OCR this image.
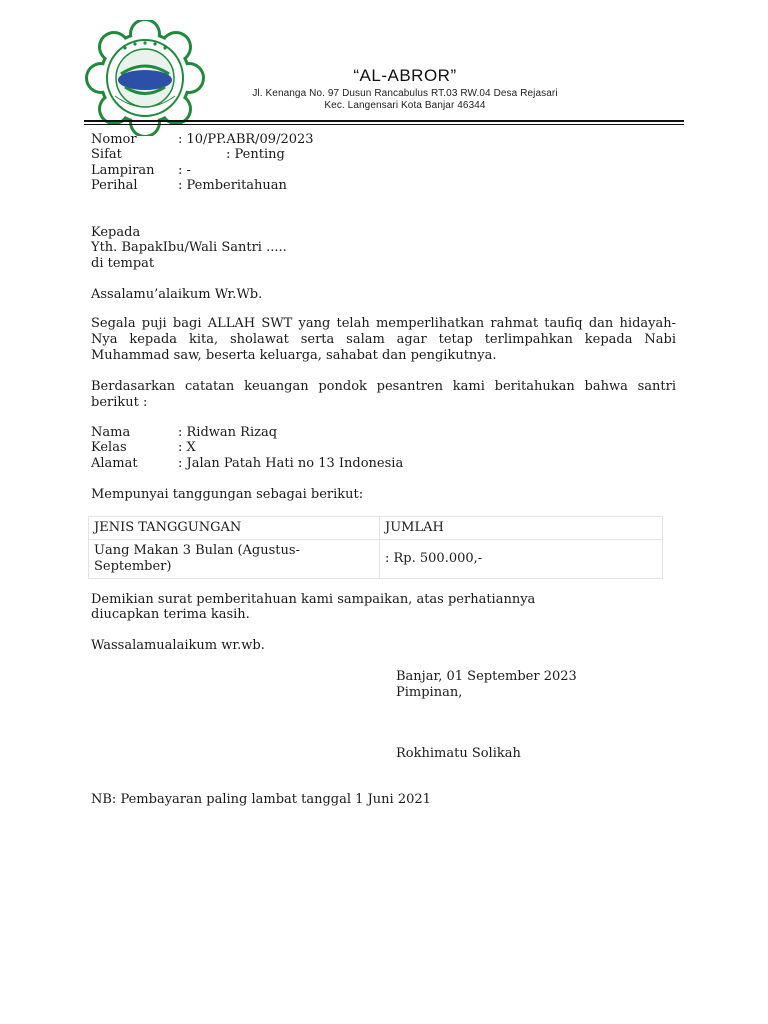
“AL-ABROR”
Jl. Kenanga No. 97 Dusun Rancabulus RT.03 RW.04 Desa Rejasari
Kec. Langensari Kota Banjar 46344
Nomor	: 10/PP.ABR/09/2023
Sifat	: Penting
Lampiran : -
Perihal	: Pemberitahuan
Kepada
Yth. BapakIbu/Wali Santri .....
di tempat
Assalamu’alaikum Wr.Wb.
Segala puji bagi ALLAH SWT yang telah memperlihatkan rahmat taufiq dan hidayah-Nya kepada kita, sholawat serta salam agar tetap terlimpahkan kepada Nabi Muhammad saw, beserta keluarga, sahabat dan pengikutnya.
Berdasarkan catatan keuangan pondok pesantren kami beritahukan bahwa santri berikut :
Nama	: Ridwan Rizaq
Kelas	: X
Alamat	: Jalan Patah Hati no 13 Indonesia
Mempunyai tanggungan sebagai berikut:
JENIS TANGGUNGAN	JUMLAH
Uang Makan 3 Bulan (Agustus-September)	: Rp. 500.000,-
Demikian surat pemberitahuan kami sampaikan, atas perhatiannya
diucapkan terima kasih.
Wassalamualaikum wr.wb.
Banjar, 01 September 2023
Pimpinan,
Rokhimatu Solikah
NB: Pembayaran paling lambat tanggal 1 Juni 2021
